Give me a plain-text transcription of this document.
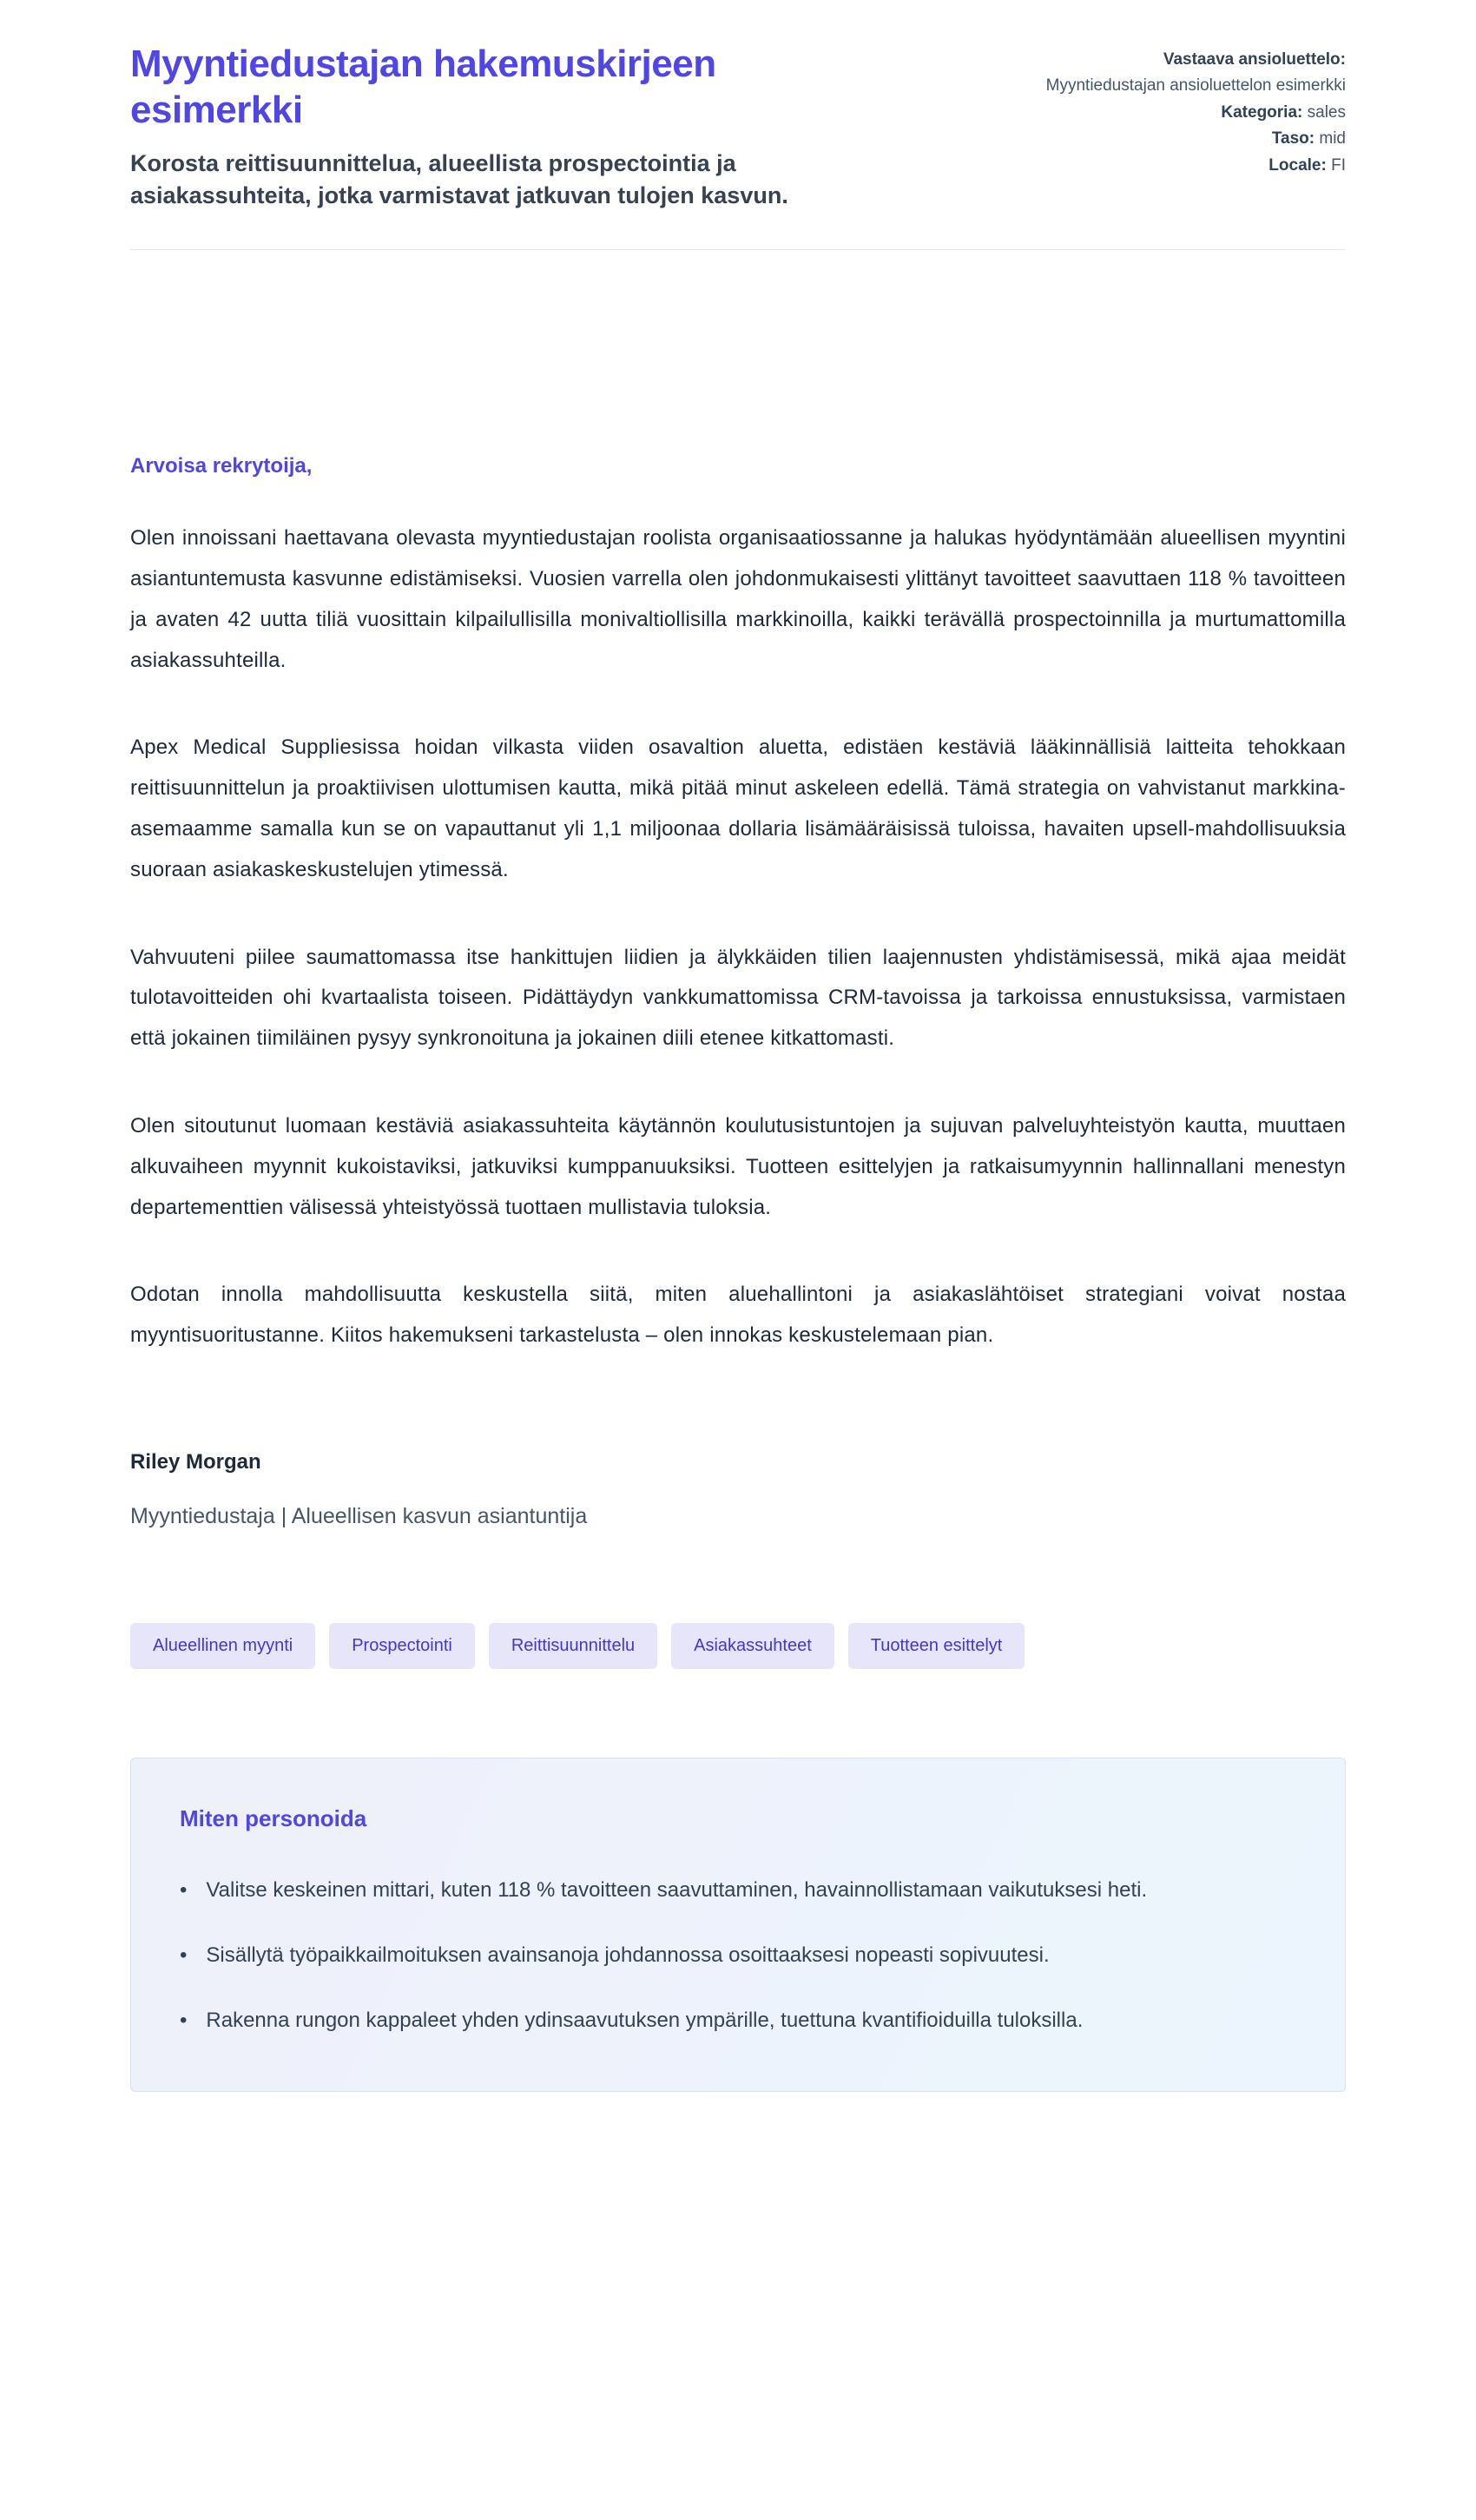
Myyntiedustajan hakemuskirjeen esimerkki

Korosta reittisuunnittelua, alueellista prospectointia ja asiakassuhteita, jotka varmistavat jatkuvan tulojen kasvun.

Vastaava ansioluettelo:
Myyntiedustajan ansioluettelon esimerkki
Kategoria: sales
Taso: mid
Locale: FI

Arvoisa rekrytoija,

Olen innoissani haettavana olevasta myyntiedustajan roolista organisaatiossanne ja halukas hyödyntämään alueellisen myyntini asiantuntemusta kasvunne edistämiseksi. Vuosien varrella olen johdonmukaisesti ylittänyt tavoitteet saavuttaen 118 % tavoitteen ja avaten 42 uutta tiliä vuosittain kilpailullisilla monivaltiollisilla markkinoilla, kaikki terävällä prospectoinnilla ja murtumattomilla asiakassuhteilla.

Apex Medical Suppliesissa hoidan vilkasta viiden osavaltion aluetta, edistäen kestäviä lääkinnällisiä laitteita tehokkaan reittisuunnittelun ja proaktiivisen ulottumisen kautta, mikä pitää minut askeleen edellä. Tämä strategia on vahvistanut markkina-asemaamme samalla kun se on vapauttanut yli 1,1 miljoonaa dollaria lisämääräisissä tuloissa, havaiten upsell-mahdollisuuksia suoraan asiakaskeskustelujen ytimessä.

Vahvuuteni piilee saumattomassa itse hankittujen liidien ja älykkäiden tilien laajennusten yhdistämisessä, mikä ajaa meidät tulotavoitteiden ohi kvartaalista toiseen. Pidättäydyn vankkumattomissa CRM-tavoissa ja tarkoissa ennustuksissa, varmistaen että jokainen tiimiläinen pysyy synkronoituna ja jokainen diili etenee kitkattomasti.

Olen sitoutunut luomaan kestäviä asiakassuhteita käytännön koulutusistuntojen ja sujuvan palveluyhteistyön kautta, muuttaen alkuvaiheen myynnit kukoistaviksi, jatkuviksi kumppanuuksiksi. Tuotteen esittelyjen ja ratkaisumyynnin hallinnallani menestyn departementtien välisessä yhteistyössä tuottaen mullistavia tuloksia.

Odotan innolla mahdollisuutta keskustella siitä, miten aluehallintoni ja asiakaslähtöiset strategiani voivat nostaa myyntisuoritustanne. Kiitos hakemukseni tarkastelusta – olen innokas keskustelemaan pian.

Riley Morgan
Myyntiedustaja | Alueellisen kasvun asiantuntija
Alueellinen myynti	Prospectointi	Reittisuunnittelu	Asiakassuhteet	Tuotteen esittelyt
Miten personoida
•
Valitse keskeinen mittari, kuten 118 % tavoitteen saavuttaminen, havainnollistamaan vaikutuksesi heti.
•
Sisällytä työpaikkailmoituksen avainsanoja johdannossa osoittaaksesi nopeasti sopivuutesi.
•
Rakenna rungon kappaleet yhden ydinsaavutuksen ympärille, tuettuna kvantifioiduilla tuloksilla.
